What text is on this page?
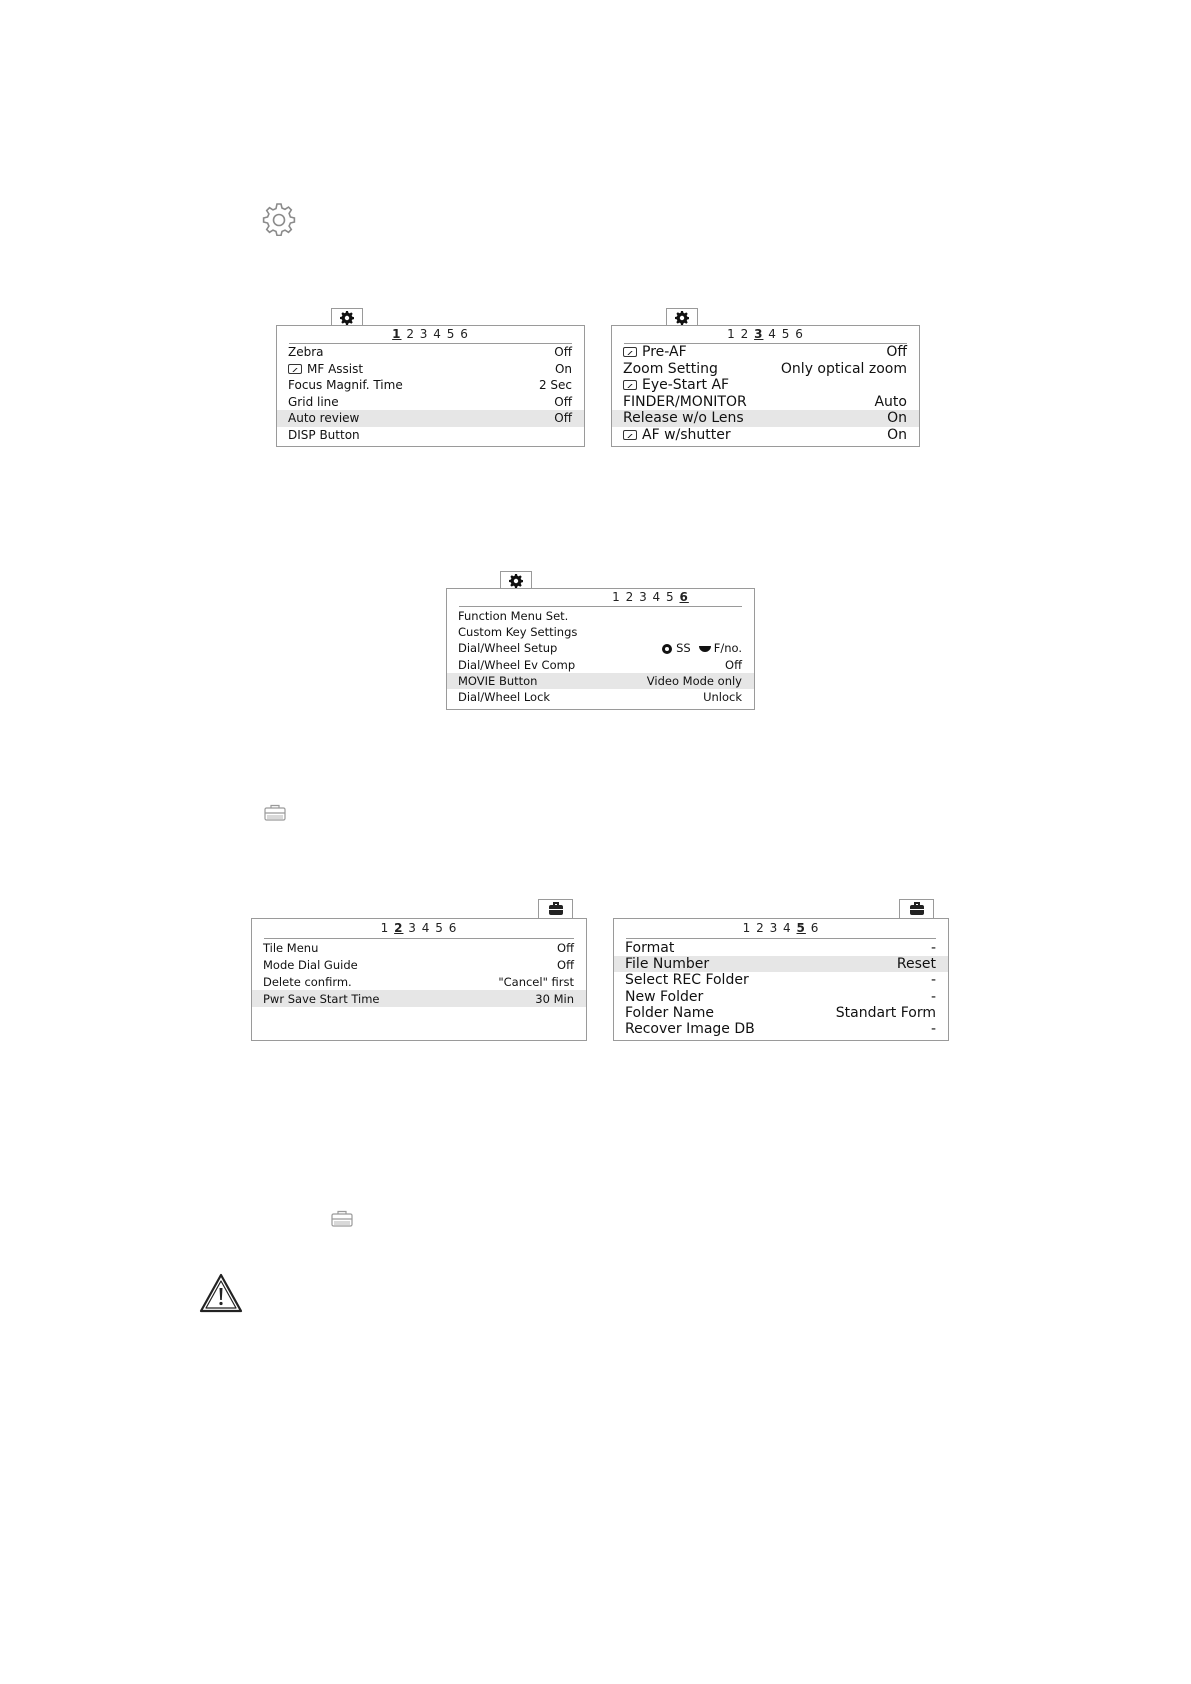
1 2 3 4 5 6
Zebra	Off
MF Assist	On
Focus Magnif. Time	2 Sec
Grid line	Off
Auto review	Off
DISP Button
1 2 3 4 5 6
Pre-AF	Off
Zoom Setting	Only optical zoom
Eye-Start AF
FINDER/MONITOR	Auto
Release w/o Lens	On
AF w/shutter	On
1 2 3 4 5 6
Function Menu Set.
Custom Key Settings
Dial/Wheel Setup	SS F/no.
Dial/Wheel Ev Comp	Off
MOVIE Button	Video Mode only
Dial/Wheel Lock	Unlock
1 2 3 4 5 6
Tile Menu	Off
Mode Dial Guide	Off
Delete confirm.	"Cancel" first
Pwr Save Start Time	30 Min
1 2 3 4 5 6
Format	-
File Number	Reset
Select REC Folder	-
New Folder	-
Folder Name	Standart Form
Recover Image DB	-
